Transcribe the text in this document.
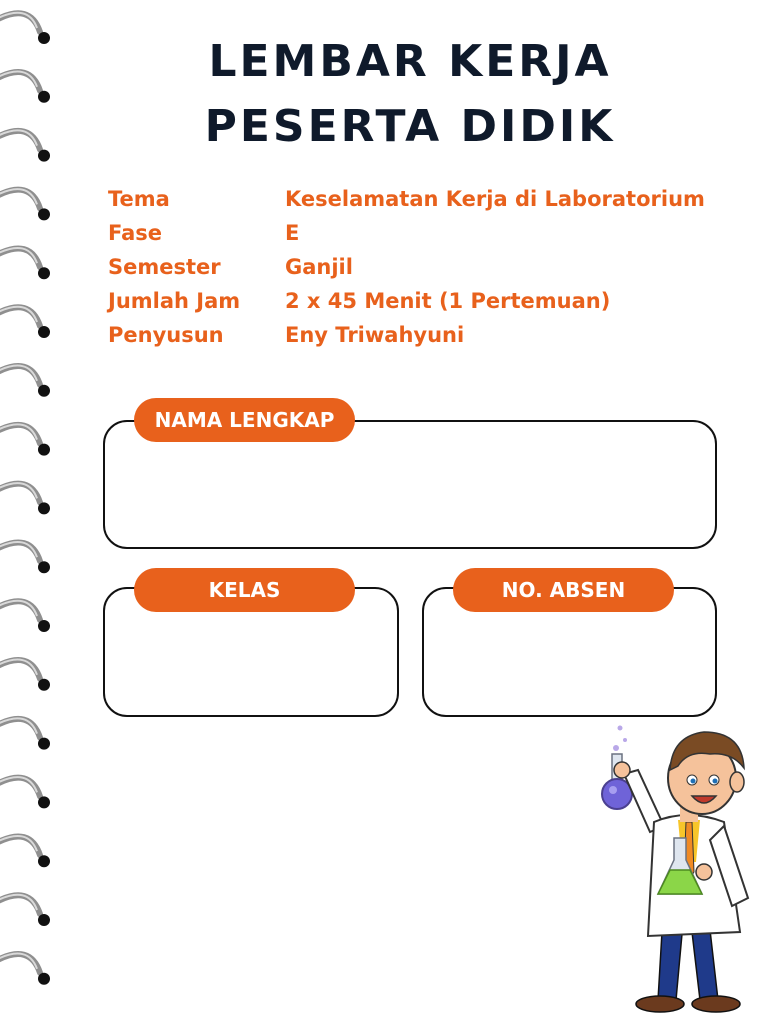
LEMBAR KERJA
PESERTA DIDIK
Tema	Keselamatan Kerja di Laboratorium
Fase	E
Semester	Ganjil
Jumlah Jam	2 x 45 Menit (1 Pertemuan)
Penyusun	Eny Triwahyuni
NAMA LENGKAP
KELAS	NO. ABSEN
